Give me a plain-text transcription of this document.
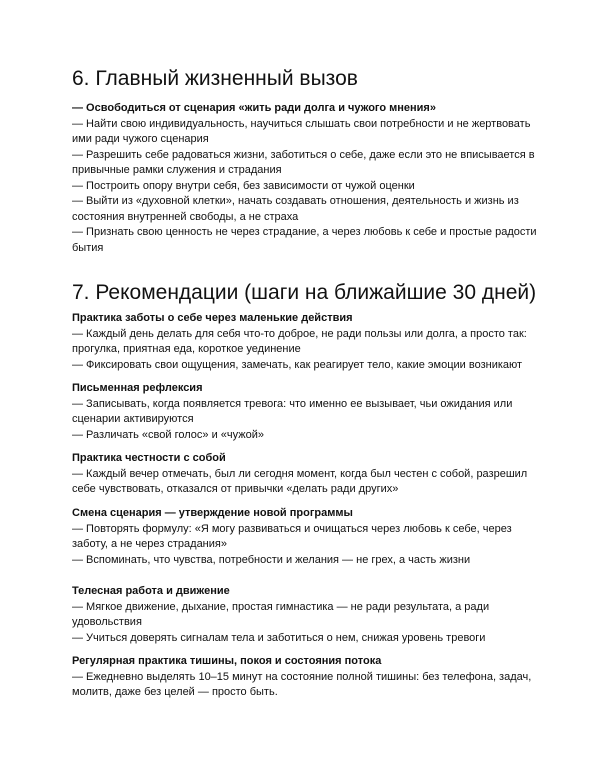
6. Главный жизненный вызов

— Освободиться от сценария «жить ради долга и чужого мнения»

— Найти свою индивидуальность, научиться слышать свои потребности и не жертвовать ими ради чужого сценария

— Разрешить себе радоваться жизни, заботиться о себе, даже если это не вписывается в привычные рамки служения и страдания

— Построить опору внутри себя, без зависимости от чужой оценки

— Выйти из «духовной клетки», начать создавать отношения, деятельность и жизнь из состояния внутренней свободы, а не страха

— Признать свою ценность не через страдание, а через любовь к себе и простые радости бытия

7. Рекомендации (шаги на ближайшие 30 дней)

Практика заботы о себе через маленькие действия

— Каждый день делать для себя что-то доброе, не ради пользы или долга, а просто так: прогулка, приятная еда, короткое уединение

— Фиксировать свои ощущения, замечать, как реагирует тело, какие эмоции возникают

Письменная рефлексия

— Записывать, когда появляется тревога: что именно ее вызывает, чьи ожидания или сценарии активируются

— Различать «свой голос» и «чужой»

Практика честности с собой

— Каждый вечер отмечать, был ли сегодня момент, когда был честен с собой, разрешил себе чувствовать, отказался от привычки «делать ради других»

Смена сценария — утверждение новой программы

— Повторять формулу: «Я могу развиваться и очищаться через любовь к себе, через заботу, а не через страдания»

— Вспоминать, что чувства, потребности и желания — не грех, а часть жизни

Телесная работа и движение

— Мягкое движение, дыхание, простая гимнастика — не ради результата, а ради удовольствия

— Учиться доверять сигналам тела и заботиться о нем, снижая уровень тревоги

Регулярная практика тишины, покоя и состояния потока

— Ежедневно выделять 10–15 минут на состояние полной тишины: без телефона, задач, молитв, даже без целей — просто быть.
